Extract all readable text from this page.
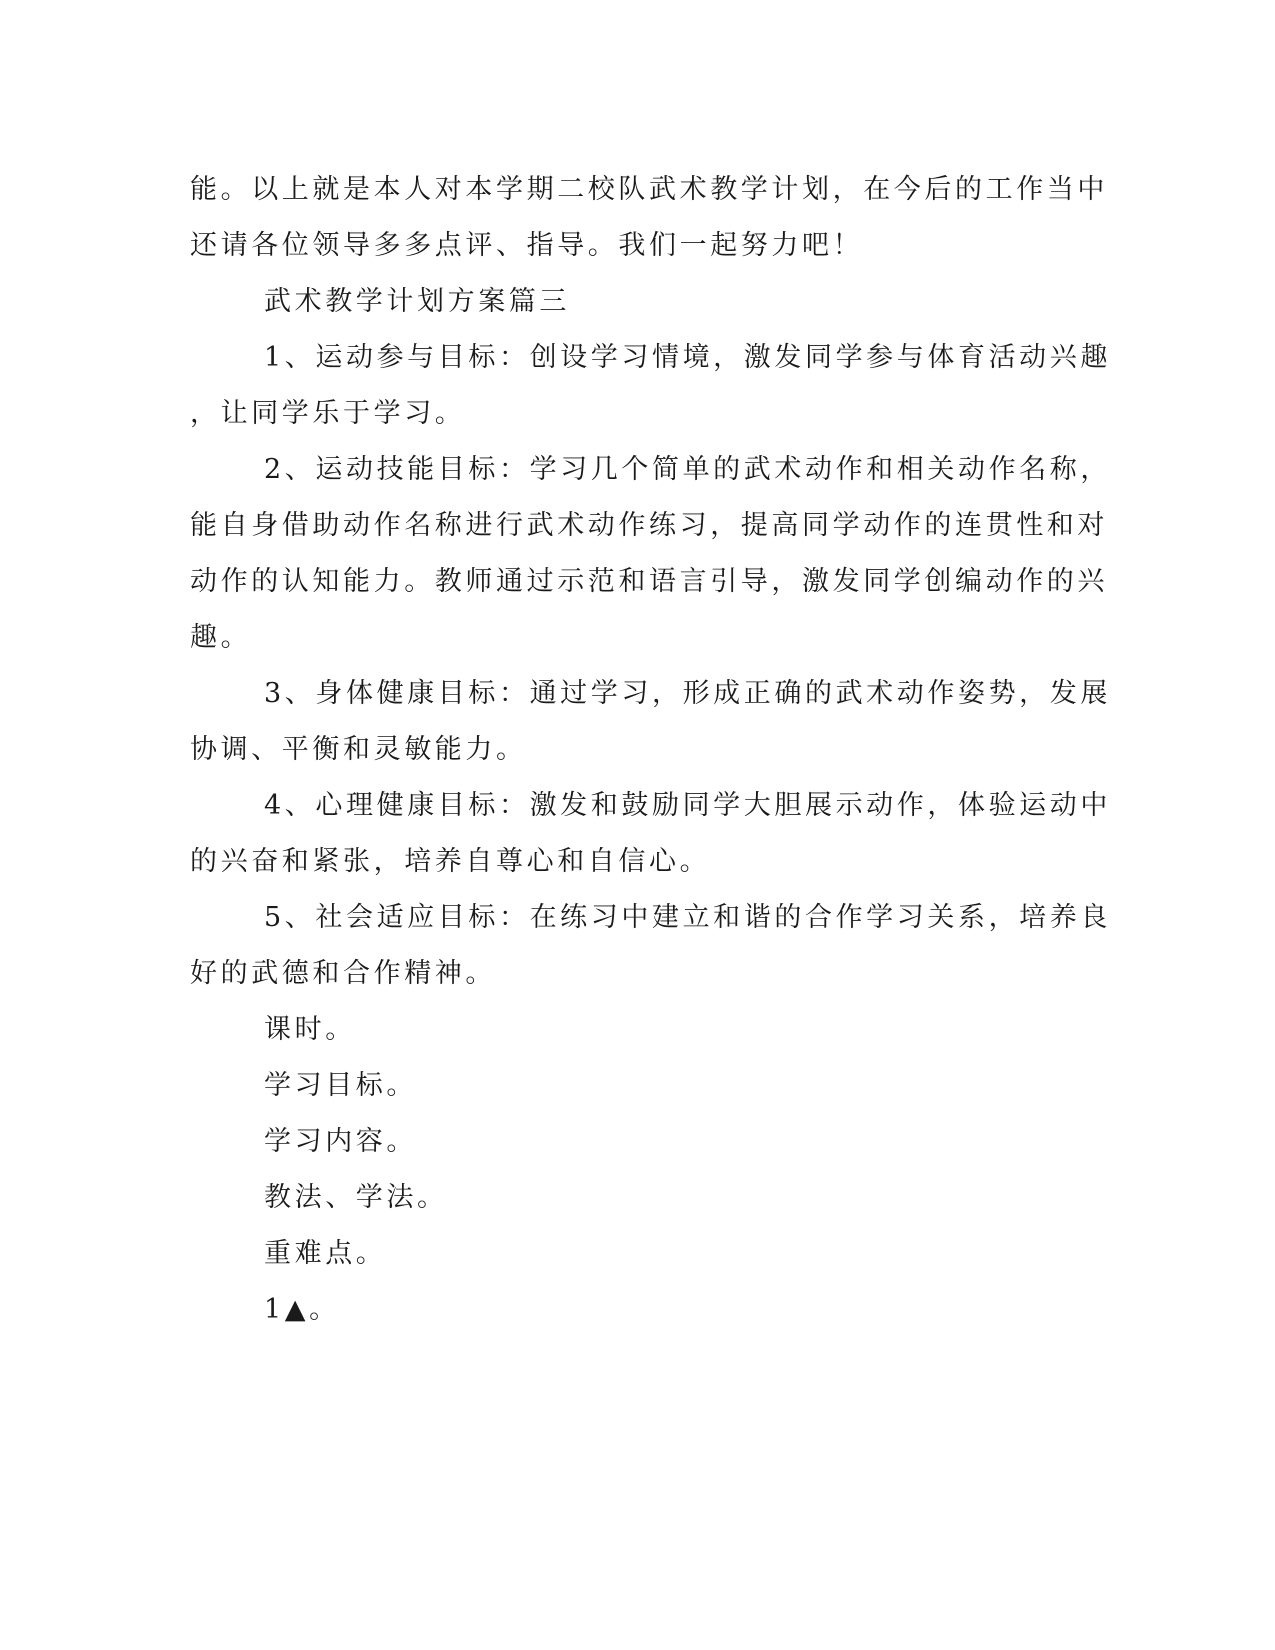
能。以上就是本人对本学期二校队武术教学计划，在今后的工作当中
还请各位领导多多点评、指导。我们一起努力吧！
武术教学计划方案篇三
1、运动参与目标：创设学习情境，激发同学参与体育活动兴趣
，让同学乐于学习。
2、运动技能目标：学习几个简单的武术动作和相关动作名称，
能自身借助动作名称进行武术动作练习，提高同学动作的连贯性和对
动作的认知能力。教师通过示范和语言引导，激发同学创编动作的兴
趣。
3、身体健康目标：通过学习，形成正确的武术动作姿势，发展
协调、平衡和灵敏能力。
4、心理健康目标：激发和鼓励同学大胆展示动作，体验运动中
的兴奋和紧张，培养自尊心和自信心。
5、社会适应目标：在练习中建立和谐的合作学习关系，培养良
好的武德和合作精神。
课时。
学习目标。
学习内容。
教法、学法。
重难点。
1▲。
